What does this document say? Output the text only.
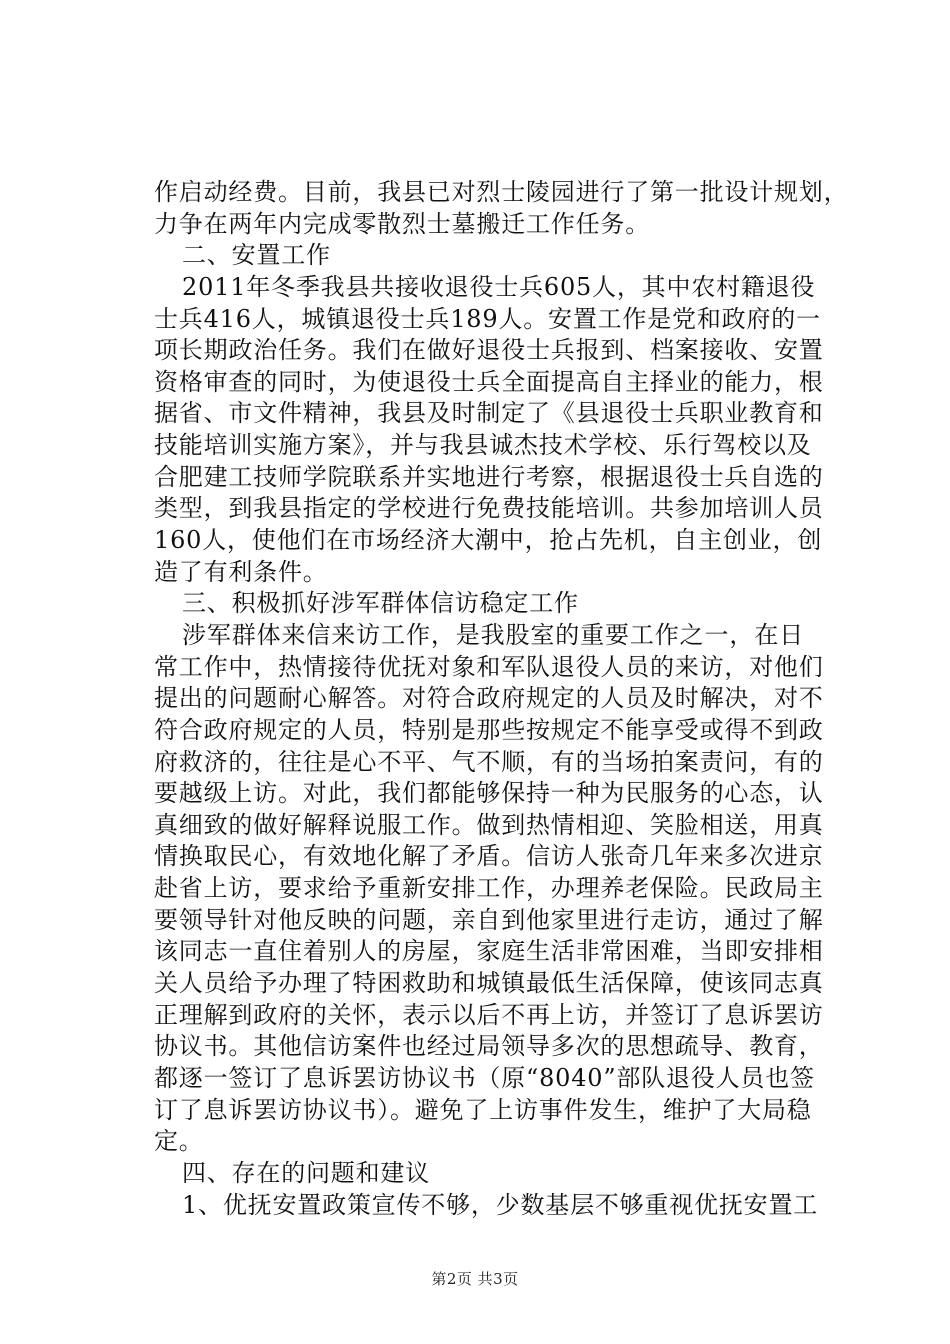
作启动经费。目前，我县已对烈士陵园进行了第一批设计规划，
力争在两年内完成零散烈士墓搬迁工作任务。
二、安置工作
2011年冬季我县共接收退役士兵605人，其中农村籍退役
士兵416人，城镇退役士兵189人。安置工作是党和政府的一
项长期政治任务。我们在做好退役士兵报到、档案接收、安置
资格审查的同时，为使退役士兵全面提高自主择业的能力，根
据省、市文件精神，我县及时制定了《县退役士兵职业教育和
技能培训实施方案》，并与我县诚杰技术学校、乐行驾校以及
合肥建工技师学院联系并实地进行考察，根据退役士兵自选的
类型，到我县指定的学校进行免费技能培训。共参加培训人员
160人，使他们在市场经济大潮中，抢占先机，自主创业，创
造了有利条件。
三、积极抓好涉军群体信访稳定工作
涉军群体来信来访工作，是我股室的重要工作之一，在日
常工作中，热情接待优抚对象和军队退役人员的来访，对他们
提出的问题耐心解答。对符合政府规定的人员及时解决，对不
符合政府规定的人员，特别是那些按规定不能享受或得不到政
府救济的，往往是心不平、气不顺，有的当场拍案责问，有的
要越级上访。对此，我们都能够保持一种为民服务的心态，认
真细致的做好解释说服工作。做到热情相迎、笑脸相送，用真
情换取民心，有效地化解了矛盾。信访人张奇几年来多次进京
赴省上访，要求给予重新安排工作，办理养老保险。民政局主
要领导针对他反映的问题，亲自到他家里进行走访，通过了解
该同志一直住着别人的房屋，家庭生活非常困难，当即安排相
关人员给予办理了特困救助和城镇最低生活保障，使该同志真
正理解到政府的关怀，表示以后不再上访，并签订了息诉罢访
协议书。其他信访案件也经过局领导多次的思想疏导、教育，
都逐一签订了息诉罢访协议书（原“8040”部队退役人员也签
订了息诉罢访协议书）。避免了上访事件发生，维护了大局稳
定。
四、存在的问题和建议
1、优抚安置政策宣传不够，少数基层不够重视优抚安置工
第2页 共3页
